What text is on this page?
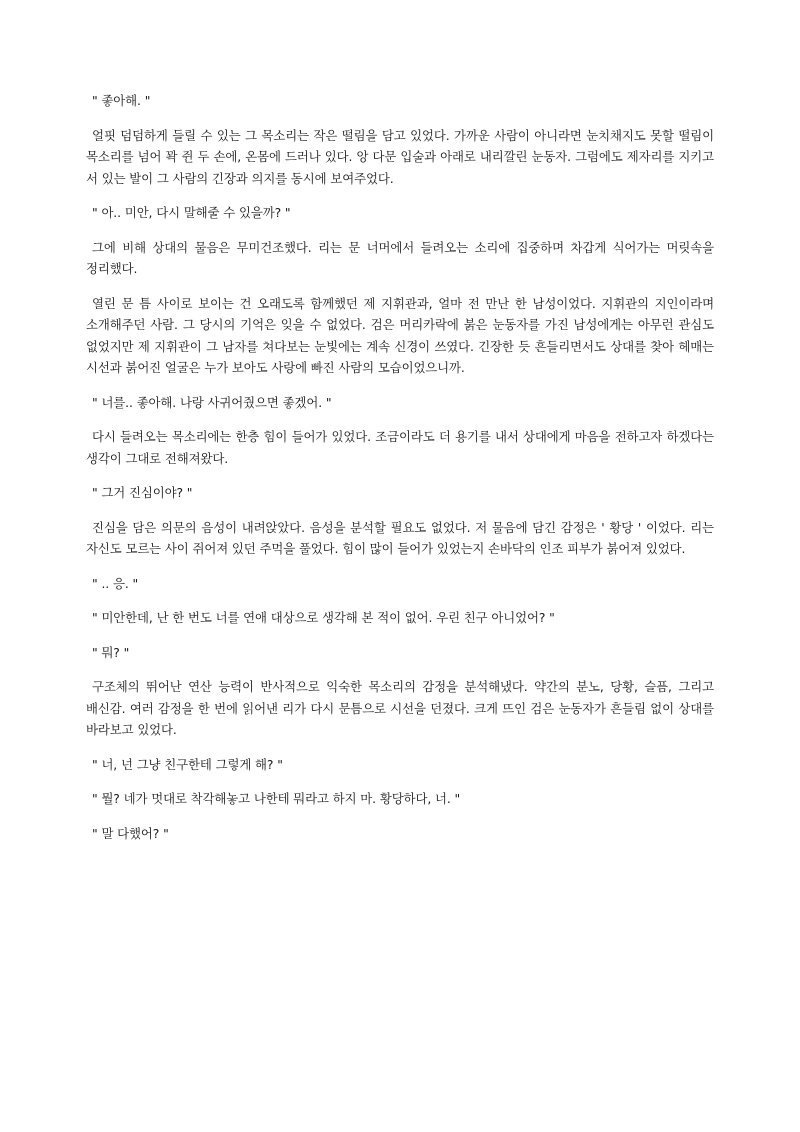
" 좋아해. "

얼핏 덤덤하게 들릴 수 있는 그 목소리는 작은 떨림을 담고 있었다. 가까운 사람이 아니라면 눈치채지도 못할 떨림이 목소리를 넘어 꽉 쥔 두 손에, 온몸에 드러나 있다. 앙 다문 입술과 아래로 내리깔린 눈동자. 그럼에도 제자리를 지키고 서 있는 발이 그 사람의 긴장과 의지를 동시에 보여주었다.

" 아.. 미안, 다시 말해줄 수 있을까? "

그에 비해 상대의 물음은 무미건조했다. 리는 문 너머에서 들려오는 소리에 집중하며 차갑게 식어가는 머릿속을 정리했다.

열린 문 틈 사이로 보이는 건 오래도록 함께했던 제 지휘관과, 얼마 전 만난 한 남성이었다. 지휘관의 지인이라며 소개해주던 사람. 그 당시의 기억은 잊을 수 없었다. 검은 머리카락에 붉은 눈동자를 가진 남성에게는 아무런 관심도 없었지만 제 지휘관이 그 남자를 쳐다보는 눈빛에는 계속 신경이 쓰였다. 긴장한 듯 흔들리면서도 상대를 찾아 헤매는 시선과 붉어진 얼굴은 누가 보아도 사랑에 빠진 사람의 모습이었으니까.

" 너를.. 좋아해. 나랑 사귀어줬으면 좋겠어. "

다시 들려오는 목소리에는 한층 힘이 들어가 있었다. 조금이라도 더 용기를 내서 상대에게 마음을 전하고자 하겠다는 생각이 그대로 전해져왔다.

" 그거 진심이야? "

진심을 담은 의문의 음성이 내려앉았다. 음성을 분석할 필요도 없었다. 저 물음에 담긴 감정은 ' 황당 ' 이었다. 리는 자신도 모르는 사이 쥐어져 있던 주먹을 풀었다. 힘이 많이 들어가 있었는지 손바닥의 인조 피부가 붉어져 있었다.

" .. 응. "

" 미안한데, 난 한 번도 너를 연애 대상으로 생각해 본 적이 없어. 우린 친구 아니었어? "

" 뭐? "

구조체의 뛰어난 연산 능력이 반사적으로 익숙한 목소리의 감정을 분석해냈다. 약간의 분노, 당황, 슬픔, 그리고 배신감. 여러 감정을 한 번에 읽어낸 리가 다시 문틈으로 시선을 던졌다. 크게 뜨인 검은 눈동자가 흔들림 없이 상대를 바라보고 있었다.

" 너, 넌 그냥 친구한테 그렇게 해? "

" 뭘? 네가 멋대로 착각해놓고 나한테 뭐라고 하지 마. 황당하다, 너. "

" 말 다했어? "
